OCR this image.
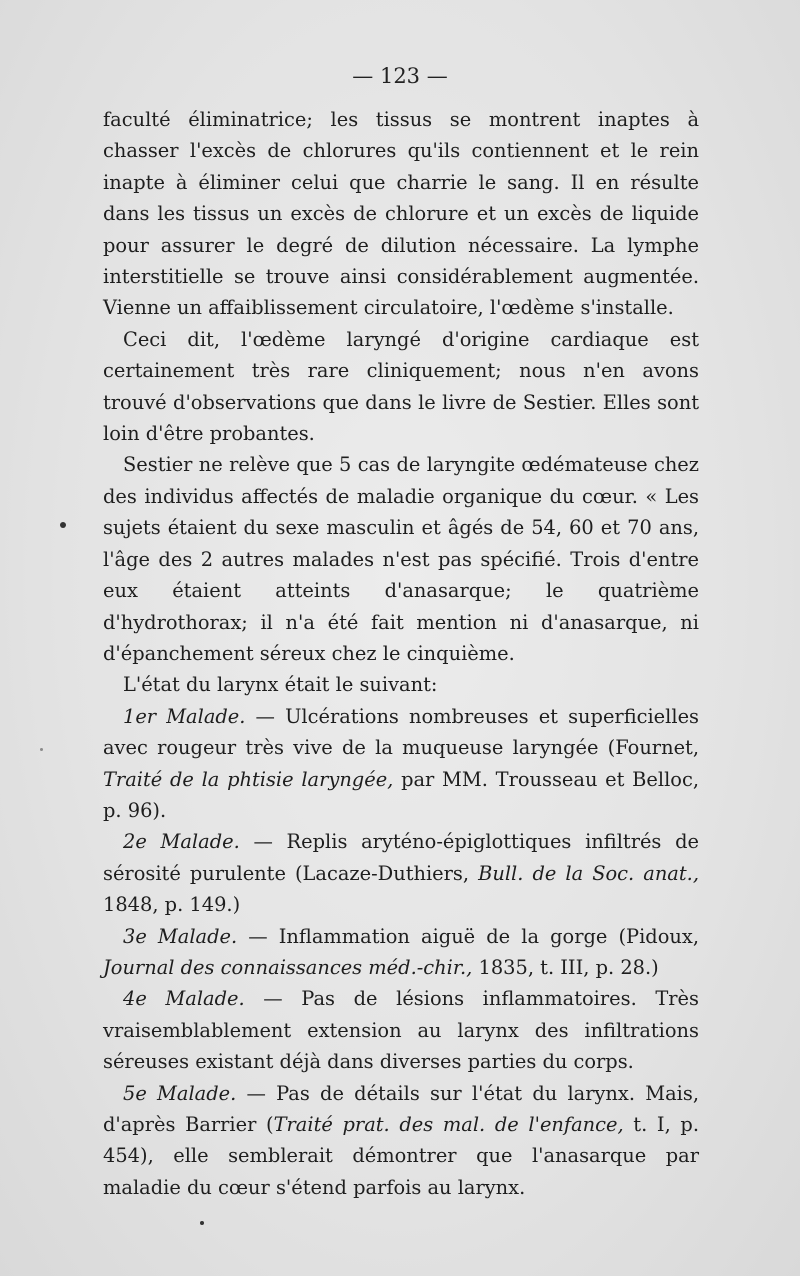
— 123 —

faculté éliminatrice; les tissus se montrent inaptes à chasser l'excès de chlorures qu'ils contiennent et le rein inapte à éliminer celui que charrie le sang. Il en résulte dans les tissus un excès de chlorure et un excès de liquide pour assurer le degré de dilution nécessaire. La lymphe interstitielle se trouve ainsi considérablement augmentée. Vienne un affaiblissement circulatoire, l'œdème s'installe.

Ceci dit, l'œdème laryngé d'origine cardiaque est certainement très rare cliniquement; nous n'en avons trouvé d'observations que dans le livre de Sestier. Elles sont loin d'être probantes.

Sestier ne relève que 5 cas de laryngite œdémateuse chez des individus affectés de maladie organique du cœur. « Les sujets étaient du sexe masculin et âgés de 54, 60 et 70 ans, l'âge des 2 autres malades n'est pas spécifié. Trois d'entre eux étaient atteints d'anasarque; le quatrième d'hydrothorax; il n'a été fait mention ni d'anasarque, ni d'épanchement séreux chez le cinquième.

L'état du larynx était le suivant:

1er Malade. — Ulcérations nombreuses et superficielles avec rougeur très vive de la muqueuse laryngée (Fournet, Traité de la phtisie laryngée, par MM. Trousseau et Belloc, p. 96).

2e Malade. — Replis aryténo-épiglottiques infiltrés de sérosité purulente (Lacaze-Duthiers, Bull. de la Soc. anat., 1848, p. 149.)

3e Malade. — Inflammation aiguë de la gorge (Pidoux, Journal des connaissances méd.-chir., 1835, t. III, p. 28.)

4e Malade. — Pas de lésions inflammatoires. Très vraisemblablement extension au larynx des infiltrations séreuses existant déjà dans diverses parties du corps.

5e Malade. — Pas de détails sur l'état du larynx. Mais, d'après Barrier (Traité prat. des mal. de l'enfance, t. I, p. 454), elle semblerait démontrer que l'anasarque par maladie du cœur s'étend parfois au larynx.
